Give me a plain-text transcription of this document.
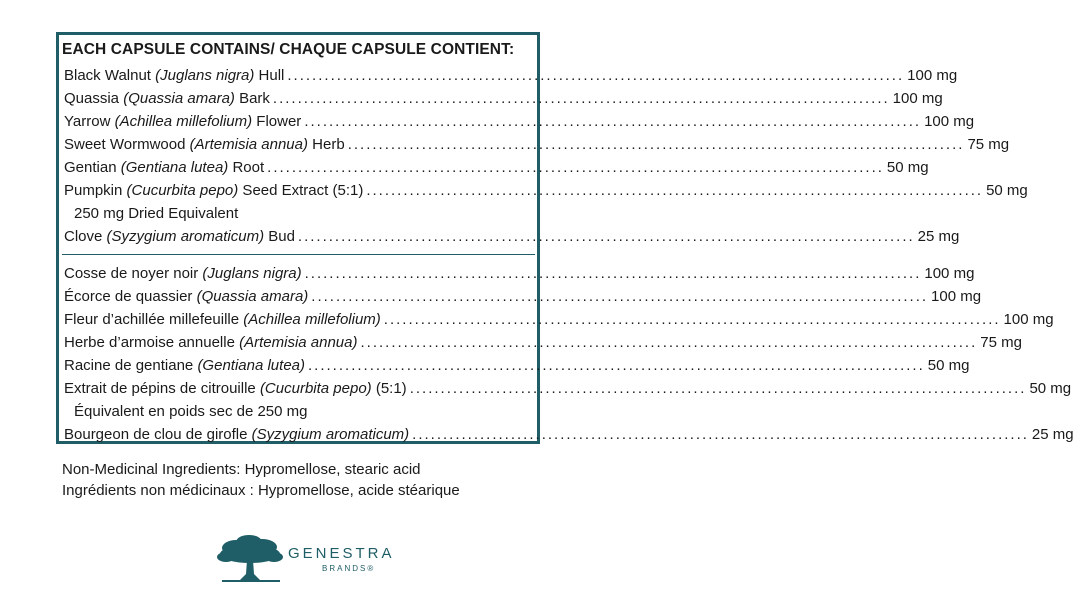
EACH CAPSULE CONTAINS/ CHAQUE CAPSULE CONTIENT:
Black Walnut (Juglans nigra) Hull .................................................................................................... 100 mg
Quassia (Quassia amara) Bark .................................................................................................... 100 mg
Yarrow (Achillea millefolium) Flower .................................................................................................... 100 mg
Sweet Wormwood (Artemisia annua) Herb .................................................................................................... 75 mg
Gentian (Gentiana lutea) Root .................................................................................................... 50 mg
Pumpkin (Cucurbita pepo) Seed Extract (5:1) .................................................................................................... 50 mg
250 mg Dried Equivalent
Clove (Syzygium aromaticum) Bud .................................................................................................... 25 mg
Cosse de noyer noir (Juglans nigra) .................................................................................................... 100 mg
Écorce de quassier (Quassia amara) .................................................................................................... 100 mg
Fleur d’achillée millefeuille (Achillea millefolium) .................................................................................................... 100 mg
Herbe d’armoise annuelle (Artemisia annua) .................................................................................................... 75 mg
Racine de gentiane (Gentiana lutea) .................................................................................................... 50 mg
Extrait de pépins de citrouille (Cucurbita pepo) (5:1) .................................................................................................... 50 mg
Équivalent en poids sec de 250 mg
Bourgeon de clou de girofle (Syzygium aromaticum) .................................................................................................... 25 mg
Non-Medicinal Ingredients: Hypromellose, stearic acid
Ingrédients non médicinaux : Hypromellose, acide stéarique
GENESTRA
BRANDS®
